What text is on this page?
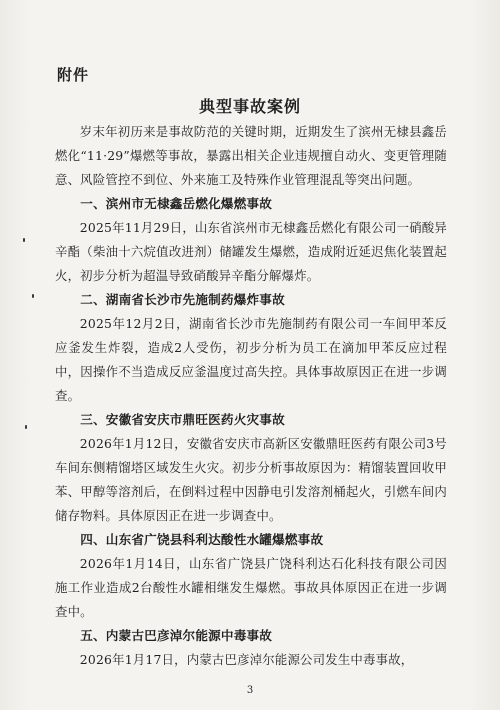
附件
典型事故案例

岁末年初历来是事故防范的关键时期，近期发生了滨州无棣县鑫岳燃化“11·29”爆燃等事故，暴露出相关企业违规擅自动火、变更管理随意、风险管控不到位、外来施工及特殊作业管理混乱等突出问题。

一、滨州市无棣鑫岳燃化爆燃事故

2025年11月29日，山东省滨州市无棣鑫岳燃化有限公司一硝酸异辛酯（柴油十六烷值改进剂）储罐发生爆燃，造成附近延迟焦化装置起火，初步分析为超温导致硝酸异辛酯分解爆炸。

二、湖南省长沙市先施制药爆炸事故

2025年12月2日，湖南省长沙市先施制药有限公司一车间甲苯反应釜发生炸裂，造成2人受伤，初步分析为员工在滴加甲苯反应过程中，因操作不当造成反应釜温度过高失控。具体事故原因正在进一步调查。

三、安徽省安庆市鼎旺医药火灾事故

2026年1月12日，安徽省安庆市高新区安徽鼎旺医药有限公司3号车间东侧精馏塔区域发生火灾。初步分析事故原因为：精馏装置回收甲苯、甲醇等溶剂后，在倒料过程中因静电引发溶剂桶起火，引燃车间内储存物料。具体原因正在进一步调查中。

四、山东省广饶县科利达酸性水罐爆燃事故

2026年1月14日，山东省广饶县广饶科利达石化科技有限公司因施工作业造成2台酸性水罐相继发生爆燃。事故具体原因正在进一步调查中。

五、内蒙古巴彦淖尔能源中毒事故

2026年1月17日，内蒙古巴彦淖尔能源公司发生中毒事故，

3
